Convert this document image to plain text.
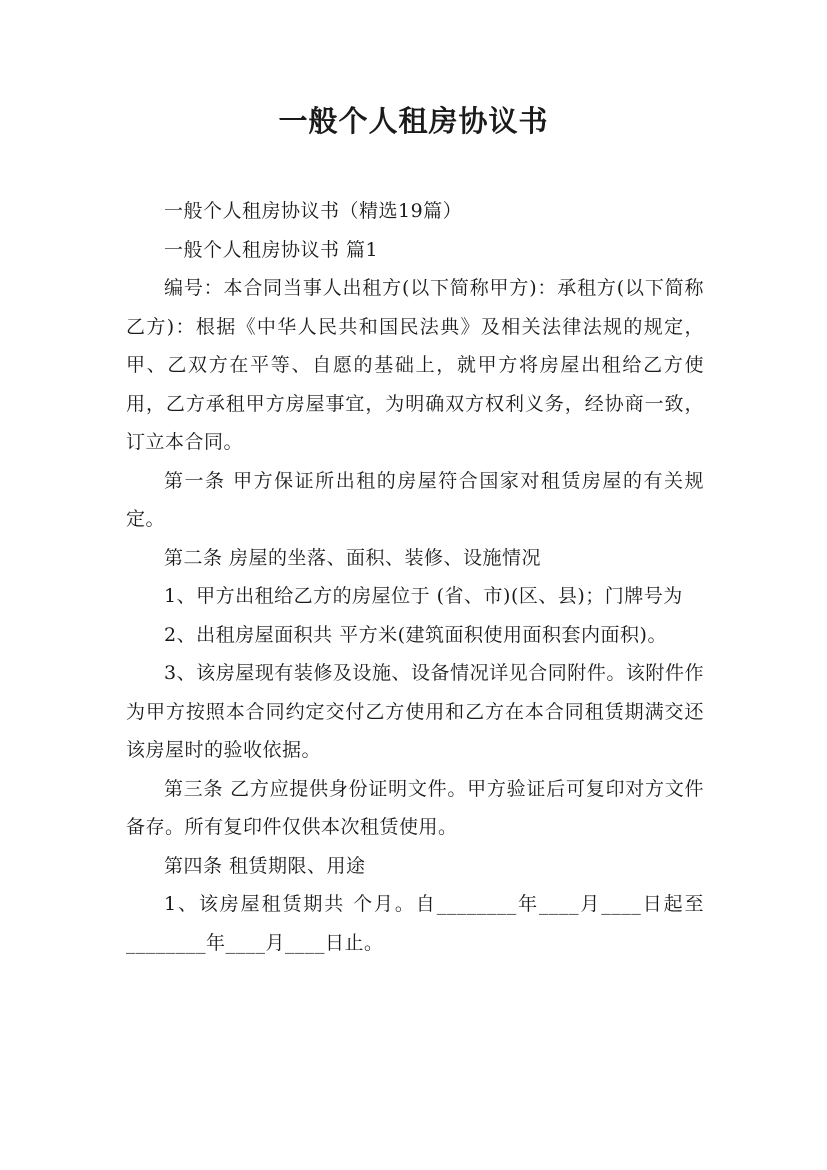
一般个人租房协议书

一般个人租房协议书（精选19篇）

一般个人租房协议书 篇1

编号：本合同当事人出租方(以下简称甲方)：承租方(以下简称乙方)：根据《中华人民共和国民法典》及相关法律法规的规定，甲、乙双方在平等、自愿的基础上，就甲方将房屋出租给乙方使用，乙方承租甲方房屋事宜，为明确双方权利义务，经协商一致，订立本合同。

第一条 甲方保证所出租的房屋符合国家对租赁房屋的有关规定。

第二条 房屋的坐落、面积、装修、设施情况

1、甲方出租给乙方的房屋位于 (省、市)(区、县)；门牌号为

2、出租房屋面积共 平方米(建筑面积使用面积套内面积)。

3、该房屋现有装修及设施、设备情况详见合同附件。该附件作为甲方按照本合同约定交付乙方使用和乙方在本合同租赁期满交还该房屋时的验收依据。

第三条 乙方应提供身份证明文件。甲方验证后可复印对方文件备存。所有复印件仅供本次租赁使用。

第四条 租赁期限、用途

1、该房屋租赁期共 个月。自________年____月____日起至________年____月____日止。
